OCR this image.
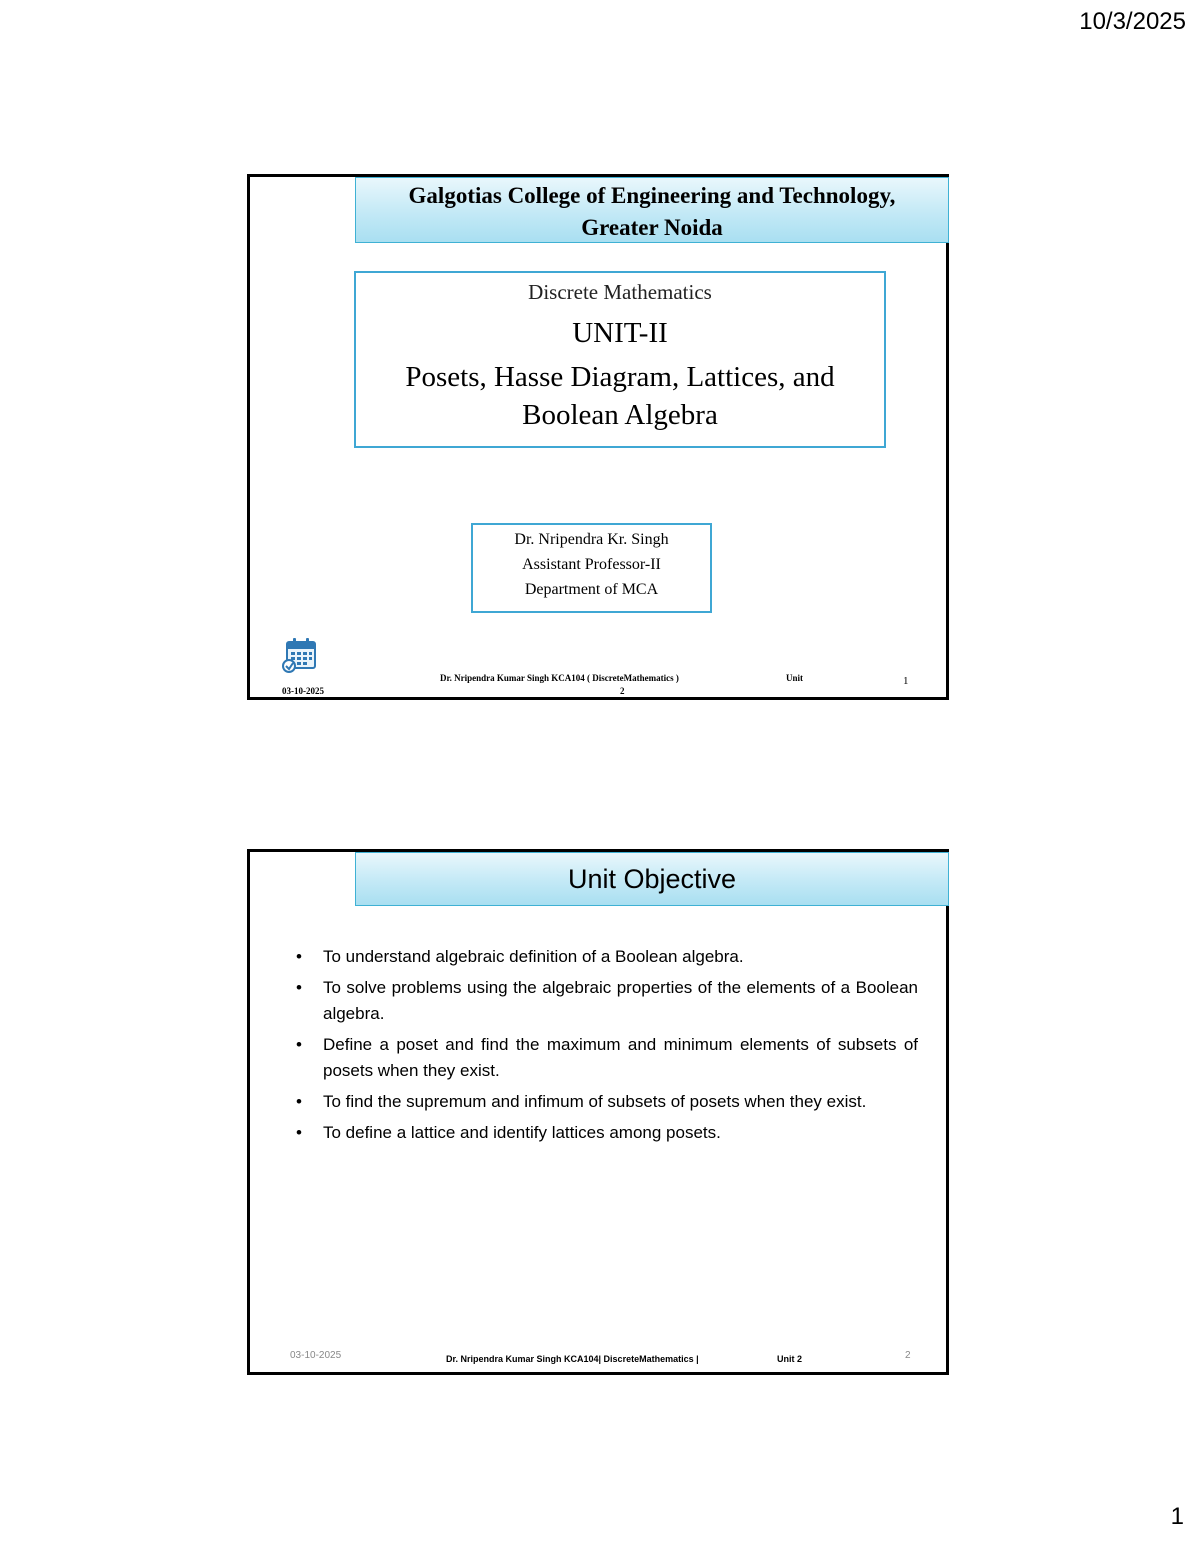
10/3/2025
Galgotias College of Engineering and Technology,
Greater Noida
Discrete Mathematics
UNIT-II
Posets, Hasse Diagram, Lattices, and
Boolean Algebra
Dr. Nripendra Kr. Singh
Assistant Professor-II
Department of MCA
03-10-2025
Dr. Nripendra Kumar Singh KCA104 ( DiscreteMathematics )	Unit
2
1
Unit Objective
• To understand algebraic definition of a Boolean algebra.
• To solve problems using the algebraic properties of the elements of a Boolean algebra.
• Define a poset and find the maximum and minimum elements of subsets of posets when they exist.
• To find the supremum and infimum of subsets of posets when they exist.
• To define a lattice and identify lattices among posets.
03-10-2025	Dr. Nripendra Kumar Singh KCA104| DiscreteMathematics |	Unit 2	2
1
